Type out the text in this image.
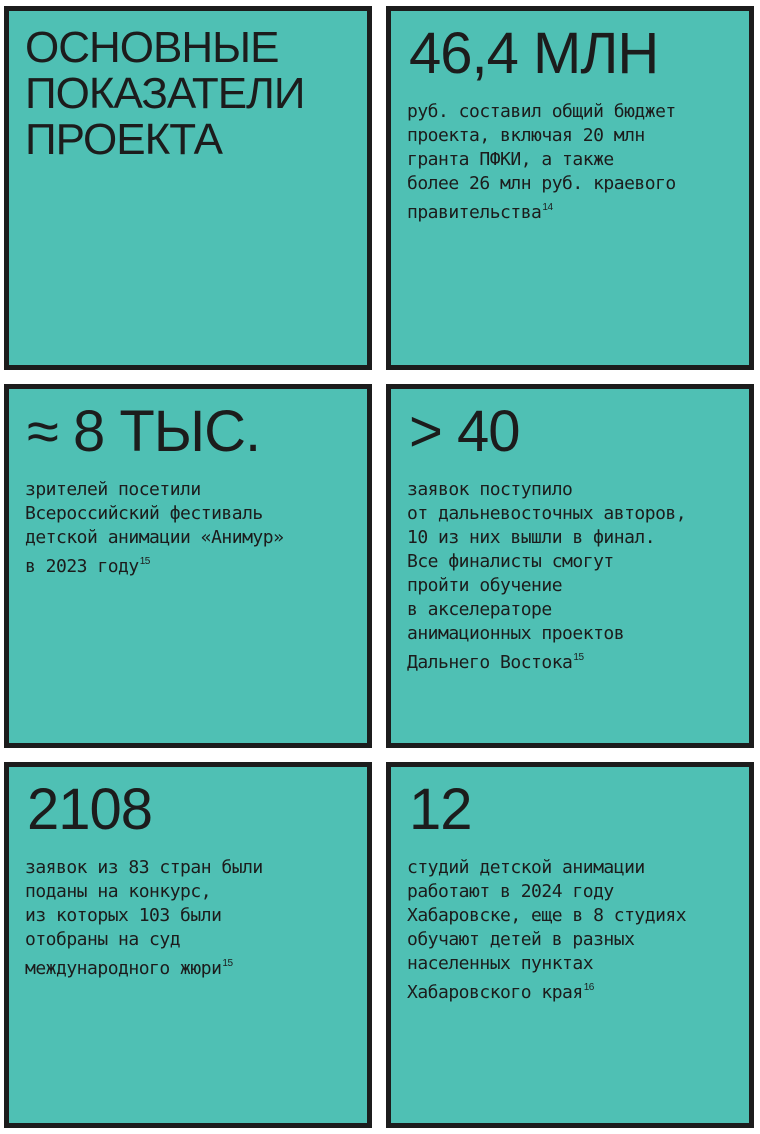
ОСНОВНЫЕ
ПОКАЗАТЕЛИ
ПРОЕКТА
46,4 МЛН
руб. составил общий бюджет
проекта, включая 20 млн
гранта ПФКИ, а также
более 26 млн руб. краевого
правительства$^{14}$
≈ 8 ТЫС.
зрителей посетили
Всероссийский фестиваль
детской анимации «Анимур»
в 2023 году$^{15}$
> 40
заявок поступило
от дальневосточных авторов,
10 из них вышли в финал.
Все финалисты смогут
пройти обучение
в акселераторе
анимационных проектов
Дальнего Востока$^{15}$
2108
заявок из 83 стран были
поданы на конкурс,
из которых 103 были
отобраны на суд
международного жюри$^{15}$
12
студий детской анимации
работают в 2024 году
Хабаровске, еще в 8 студиях
обучают детей в разных
населенных пунктах
Хабаровского края$^{16}$
